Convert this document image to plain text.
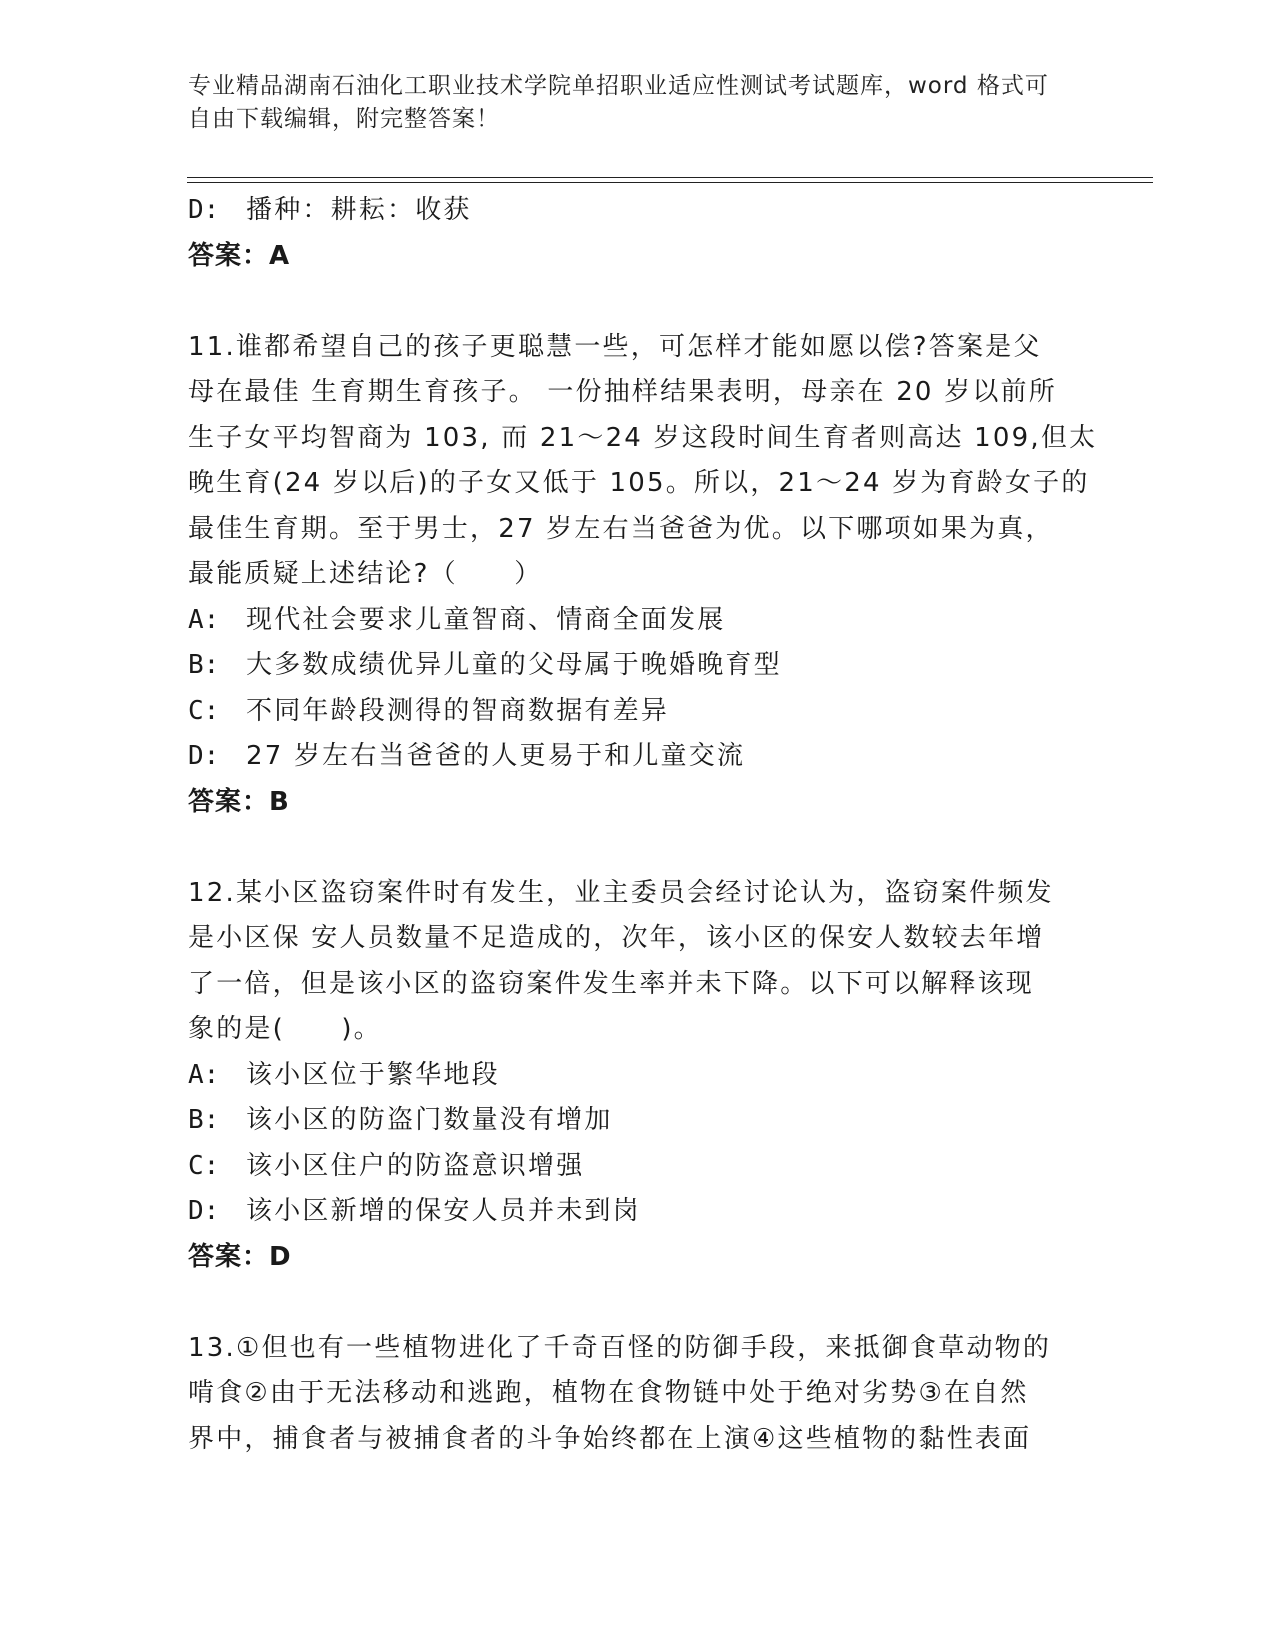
专业精品湖南石油化工职业技术学院单招职业适应性测试考试题库，word 格式可
自由下载编辑，附完整答案！
D: 播种：耕耘：收获
答案：A
11.谁都希望自己的孩子更聪慧一些，可怎样才能如愿以偿?答案是父
母在最佳 生育期生育孩子。 一份抽样结果表明，母亲在 20 岁以前所
生子女平均智商为 103, 而 21～24 岁这段时间生育者则高达 109,但太
晚生育(24 岁以后)的子女又低于 105。所以，21～24 岁为育龄女子的
最佳生育期。至于男士，27 岁左右当爸爸为优。以下哪项如果为真，
最能质疑上述结论?（　　）
A: 现代社会要求儿童智商、情商全面发展
B: 大多数成绩优异儿童的父母属于晚婚晚育型
C: 不同年龄段测得的智商数据有差异
D: 27 岁左右当爸爸的人更易于和儿童交流
答案：B
12.某小区盗窃案件时有发生，业主委员会经讨论认为，盗窃案件频发
是小区保 安人员数量不足造成的，次年，该小区的保安人数较去年增
了一倍，但是该小区的盗窃案件发生率并未下降。以下可以解释该现
象的是(　　)。
A: 该小区位于繁华地段
B: 该小区的防盗门数量没有增加
C: 该小区住户的防盗意识增强
D: 该小区新增的保安人员并未到岗
答案：D
13.①但也有一些植物进化了千奇百怪的防御手段，来抵御食草动物的
啃食②由于无法移动和逃跑，植物在食物链中处于绝对劣势③在自然
界中，捕食者与被捕食者的斗争始终都在上演④这些植物的黏性表面
